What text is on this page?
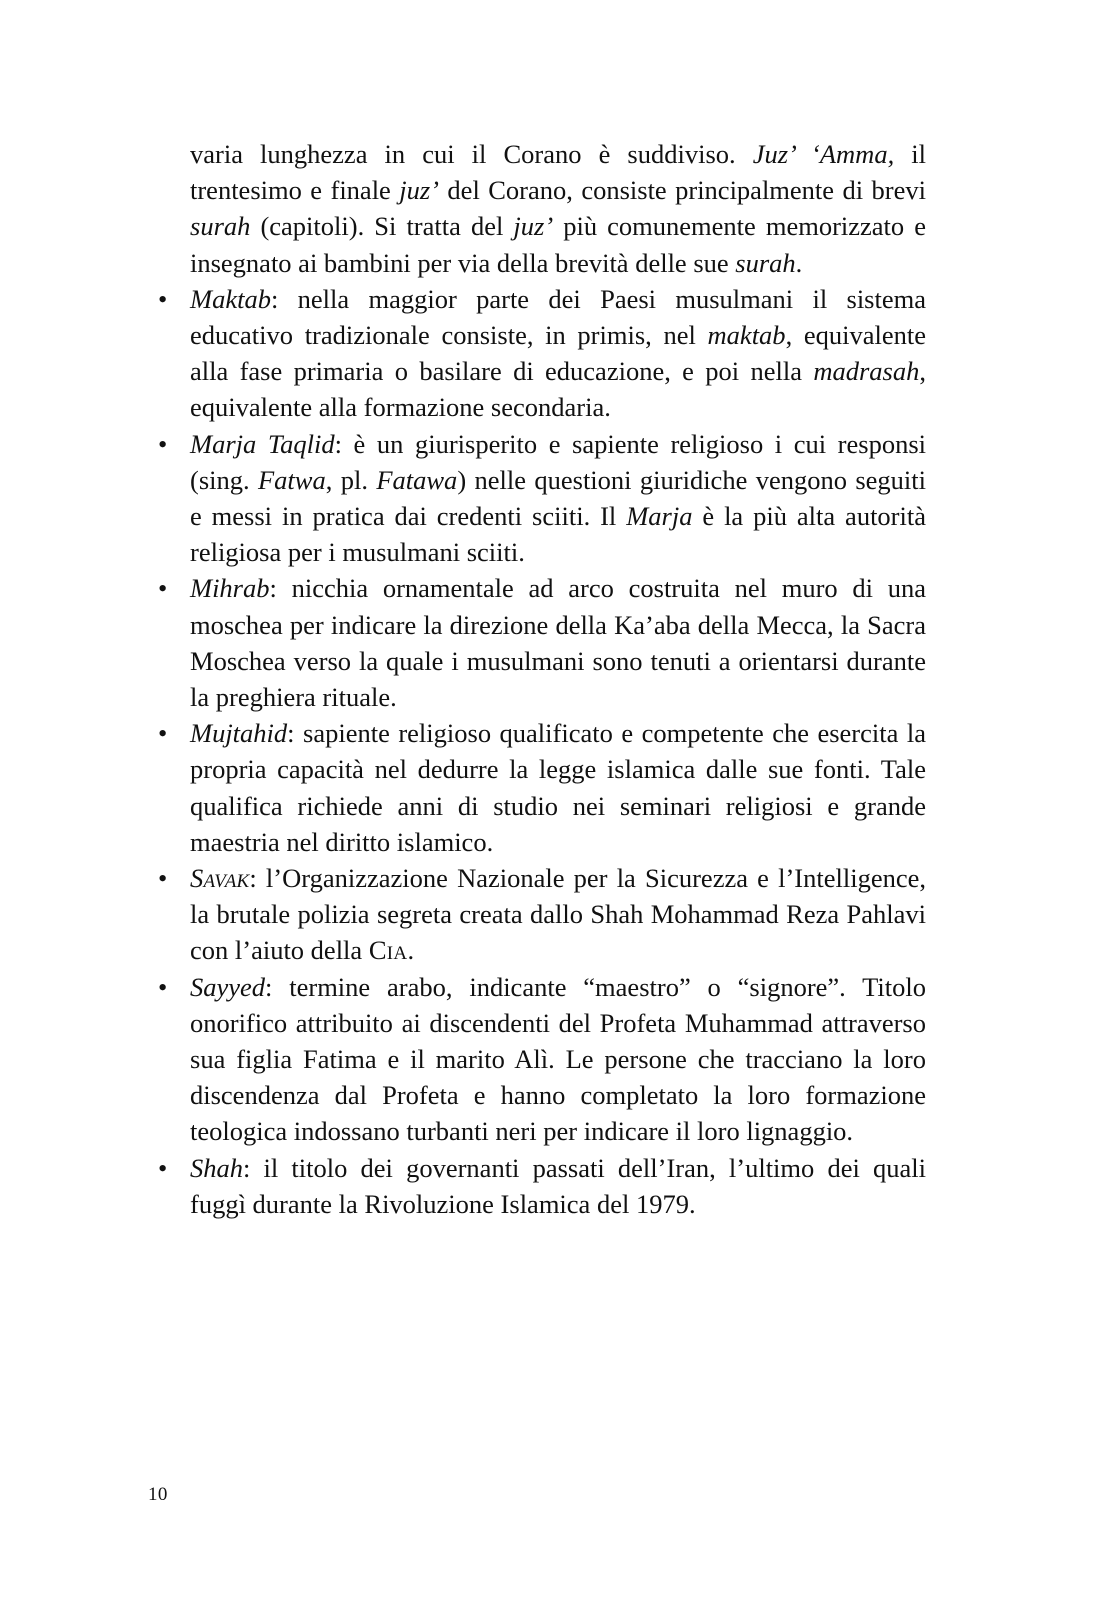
varia lunghezza in cui il Corano è suddiviso. Juz’ ‘Amma, il trentesimo e finale juz’ del Corano, consiste principalmente di brevi surah (capitoli). Si tratta del juz’ più comunemente memorizzato e insegnato ai bambini per via della brevità delle sue surah.

• Maktab: nella maggior parte dei Paesi musulmani il sistema educativo tradizionale consiste, in primis, nel maktab, equivalente alla fase primaria o basilare di educazione, e poi nella madrasah, equivalente alla formazione secondaria.
• Marja Taqlid: è un giurisperito e sapiente religioso i cui responsi (sing. Fatwa, pl. Fatawa) nelle questioni giuridiche vengono seguiti e messi in pratica dai credenti sciiti. Il Marja è la più alta autorità religiosa per i musulmani sciiti.
• Mihrab: nicchia ornamentale ad arco costruita nel muro di una moschea per indicare la direzione della Ka’aba della Mecca, la Sacra Moschea verso la quale i musulmani sono tenuti a orientarsi durante la preghiera rituale.
• Mujtahid: sapiente religioso qualificato e competente che esercita la propria capacità nel dedurre la legge islamica dalle sue fonti. Tale qualifica richiede anni di studio nei seminari religiosi e grande maestria nel diritto islamico.
• Savak: l’Organizzazione Nazionale per la Sicurezza e l’Intelligence, la brutale polizia segreta creata dallo Shah Mohammad Reza Pahlavi con l’aiuto della Cia.
• Sayyed: termine arabo, indicante “maestro” o “signore”. Titolo onorifico attribuito ai discendenti del Profeta Muhammad attraverso sua figlia Fatima e il marito Alì. Le persone che tracciano la loro discendenza dal Profeta e hanno completato la loro formazione teologica indossano turbanti neri per indicare il loro lignaggio.
• Shah: il titolo dei governanti passati dell’Iran, l’ultimo dei quali fuggì durante la Rivoluzione Islamica del 1979.
10
